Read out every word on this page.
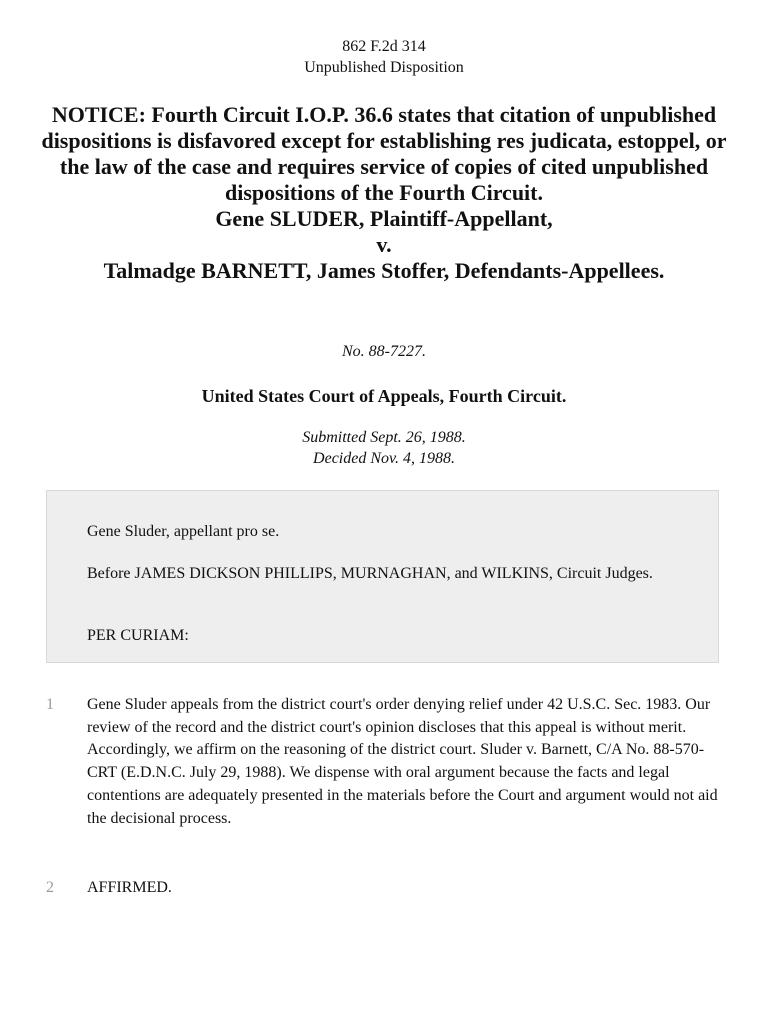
862 F.2d 314
Unpublished Disposition
NOTICE: Fourth Circuit I.O.P. 36.6 states that citation of unpublished dispositions is disfavored except for establishing res judicata, estoppel, or the law of the case and requires service of copies of cited unpublished dispositions of the Fourth Circuit.
Gene SLUDER, Plaintiff-Appellant,
v.
Talmadge BARNETT, James Stoffer, Defendants-Appellees.
No. 88-7227.
United States Court of Appeals, Fourth Circuit.
Submitted Sept. 26, 1988.
Decided Nov. 4, 1988.

Gene Sluder, appellant pro se.

Before JAMES DICKSON PHILLIPS, MURNAGHAN, and WILKINS, Circuit Judges.

PER CURIAM:

1 Gene Sluder appeals from the district court's order denying relief under 42 U.S.C. Sec. 1983. Our review of the record and the district court's opinion discloses that this appeal is without merit. Accordingly, we affirm on the reasoning of the district court. Sluder v. Barnett, C/A No. 88-570-CRT (E.D.N.C. July 29, 1988). We dispense with oral argument because the facts and legal contentions are adequately presented in the materials before the Court and argument would not aid the decisional process.
2 AFFIRMED.
